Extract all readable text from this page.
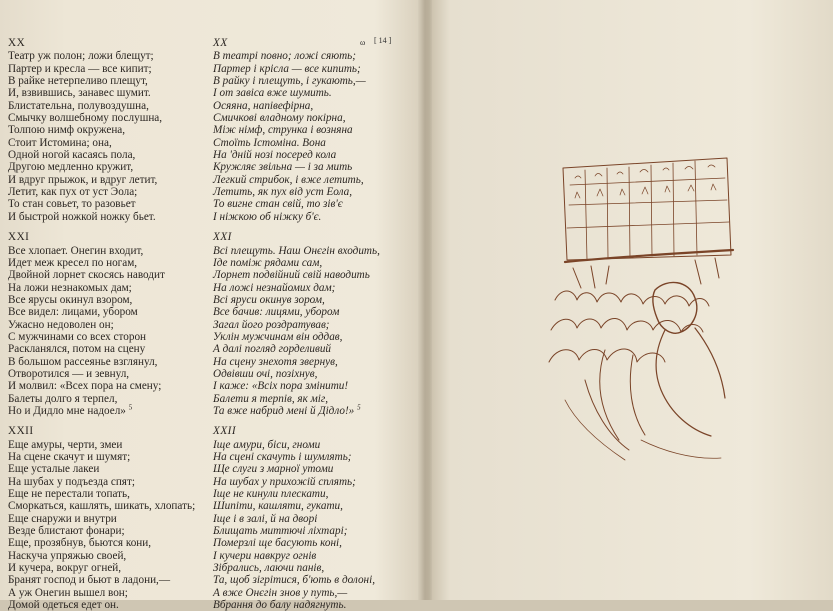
XX
Театр уж полон; ложи блещут;
Партер и кресла — все кипит;
В райке нетерпеливо плещут,
И, взвившись, занавес шумит.
Блистательна, полувоздушна,
Смычку волшебному послушна,
Толпою нимф окружена,
Стоит Истомина; она,
Одной ногой касаясь пола,
Другою медленно кружит,
И вдруг прыжок, и вдруг летит,
Летит, как пух от уст Эола;
То стан совьет, то разовьет
И быстрой ножкой ножку бьет.
XXI
Все хлопает. Онегин входит,
Идет меж кресел по ногам,
Двойной лорнет скосясь наводит
На ложи незнакомых дам;
Все ярусы окинул взором,
Все видел: лицами, убором
Ужасно недоволен он;
С мужчинами со всех сторон
Раскланялся, потом на сцену
В большом рассеянье взглянул,
Отворотился — и зевнул,
И молвил: «Всех пора на смену;
Балеты долго я терпел,
Но и Дидло мне надоел» $^5$
XXII
Еще амуры, черти, змеи
На сцене скачут и шумят;
Еще усталые лакеи
На шубах у подъезда спят;
Еще не перестали топать,
Сморкаться, кашлять, шикать, хлопать;
Еще снаружи и внутри
Везде блистают фонари;
Еще, прозябнув, бьются кони,
Наскуча упряжью своей,
И кучера, вокруг огней,
Бранят господ и бьют в ладони,—
А уж Онегин вышел вон;
Домой одеться едет он.
XX
В театрі повно; ложі сяють;
Партер і крісла — все кипить;
В райку і плещуть, і гукають,—
І от завіса вже шумить.
Осяяна, напівефірна,
Смичкові владному покірна,
Між німф, струнка і возняна
Стоїть Істоміна. Вона
На 'днiй нозі посеред кола
Кружляє звільна — і за мить
Легкий стрибок, і вже летить,
Летить, як пух від уст Еола,
То вигне стан свій, то зів'є
І ніжкою об ніжку б'є.
XXI
Всі плещуть. Наш Онєгін входить,
Іде поміж рядами сам,
Лорнет подвійний свій наводить
На ложі незнайомих дам;
Всі яруси окинув зором,
Все бачив: лицями, убором
Загал його роздратував;
Уклін мужчинам він оддав,
А далі погляд горделивий
На сцену знехотя звернув,
Одвівши очі, позіхнув,
І каже: «Всіх пора змінити!
Балети я терпів, як міг,
Та вже набрид мені й Дідло!» $^5$
XXII
Іще амури, біси, гноми
На сцені скачуть і шумлять;
Ще слуги з марної утоми
На шубах у прихожій сплять;
Іще не кинули плескати,
Шипіти, кашляти, гукати,
Іще і в залі, й на дворі
Блищать миттючі ліхтарі;
Померзлі ще басують коні,
І кучери навкруг огнів
Зібрались, лаючи панів,
Та, щоб зігрітися, б'ють в долоні,
А вже Онєгін знов у путь,—
Вбрання до балу надягнуть.
ω [ 14 ]
